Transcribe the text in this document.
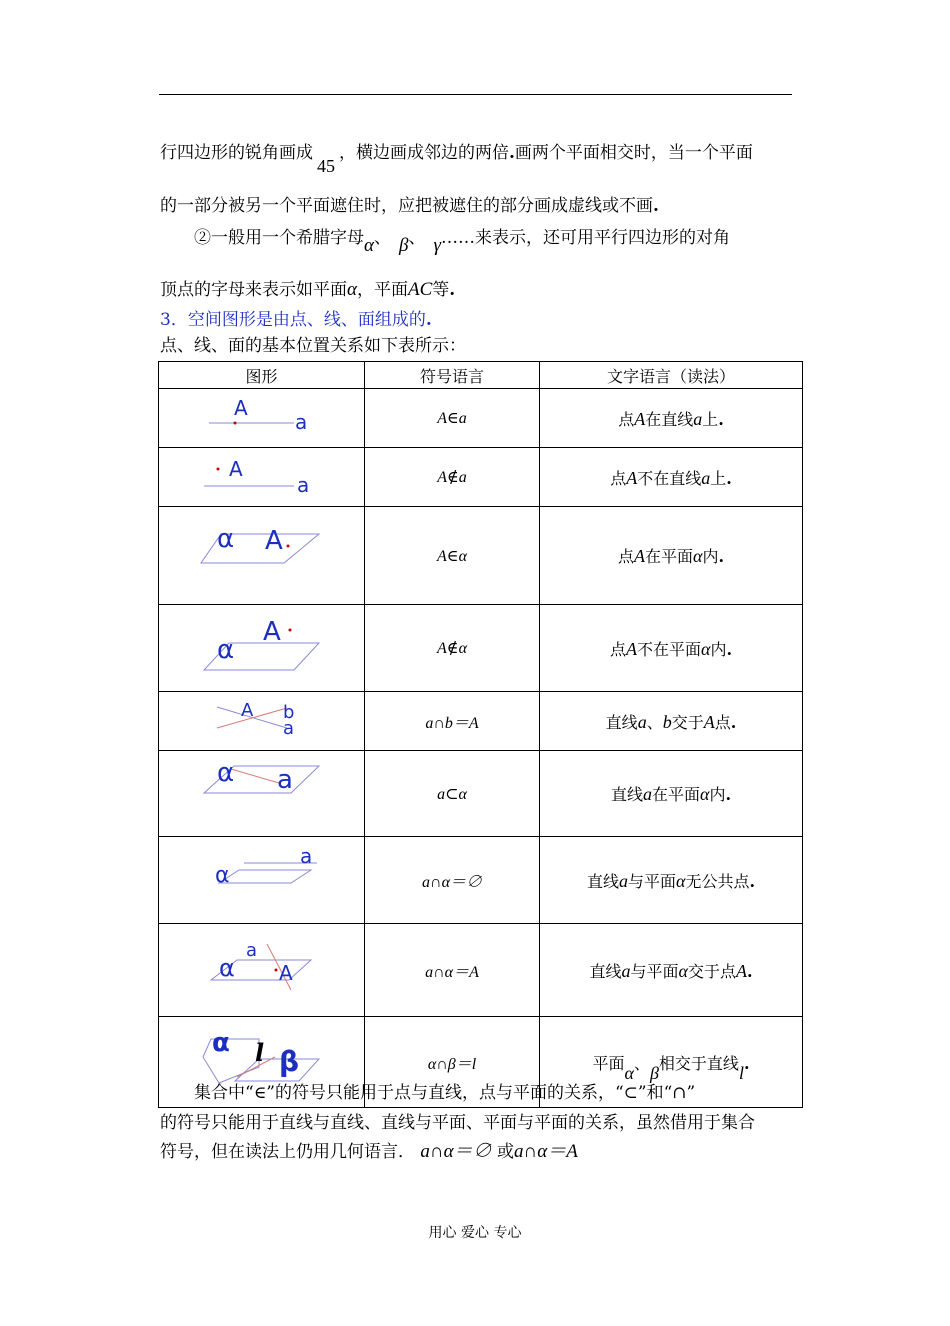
行四边形的锐角画成45，横边画成邻边的两倍.画两个平面相交时，当一个平面
的一部分被另一个平面遮住时，应把被遮住的部分画成虚线或不画.
②一般用一个希腊字母α、 β、 γ……来表示，还可用平行四边形的对角
顶点的字母来表示如平面α，平面AC等.
3．空间图形是由点、线、面组成的.
点、线、面的基本位置关系如下表所示：
图形	符号语言	文字语言（读法）

A
a	A∈a	点A在直线a上.

A
a	A∉a	点A不在直线a上.

α A	A∈α	点A在平面α内.

α
A	A∉α	点A不在平面α内.

A b
a	a∩b＝A	直线a、b交于A点.

α a	a⊂α	直线a在平面α内.

α
a	a∩α＝∅	直线a与平面α无公共点.

α
a
A	a∩α＝A	直线a与平面α交于点A.

α l β	α∩β＝l	平面α、β相交于直线l.
集合中“∈”的符号只能用于点与直线，点与平面的关系，“⊂”和“∩”
的符号只能用于直线与直线、直线与平面、平面与平面的关系，虽然借用于集合
符号，但在读法上仍用几何语言． a∩α＝∅ 或a∩α＝A
用心 爱心 专心
